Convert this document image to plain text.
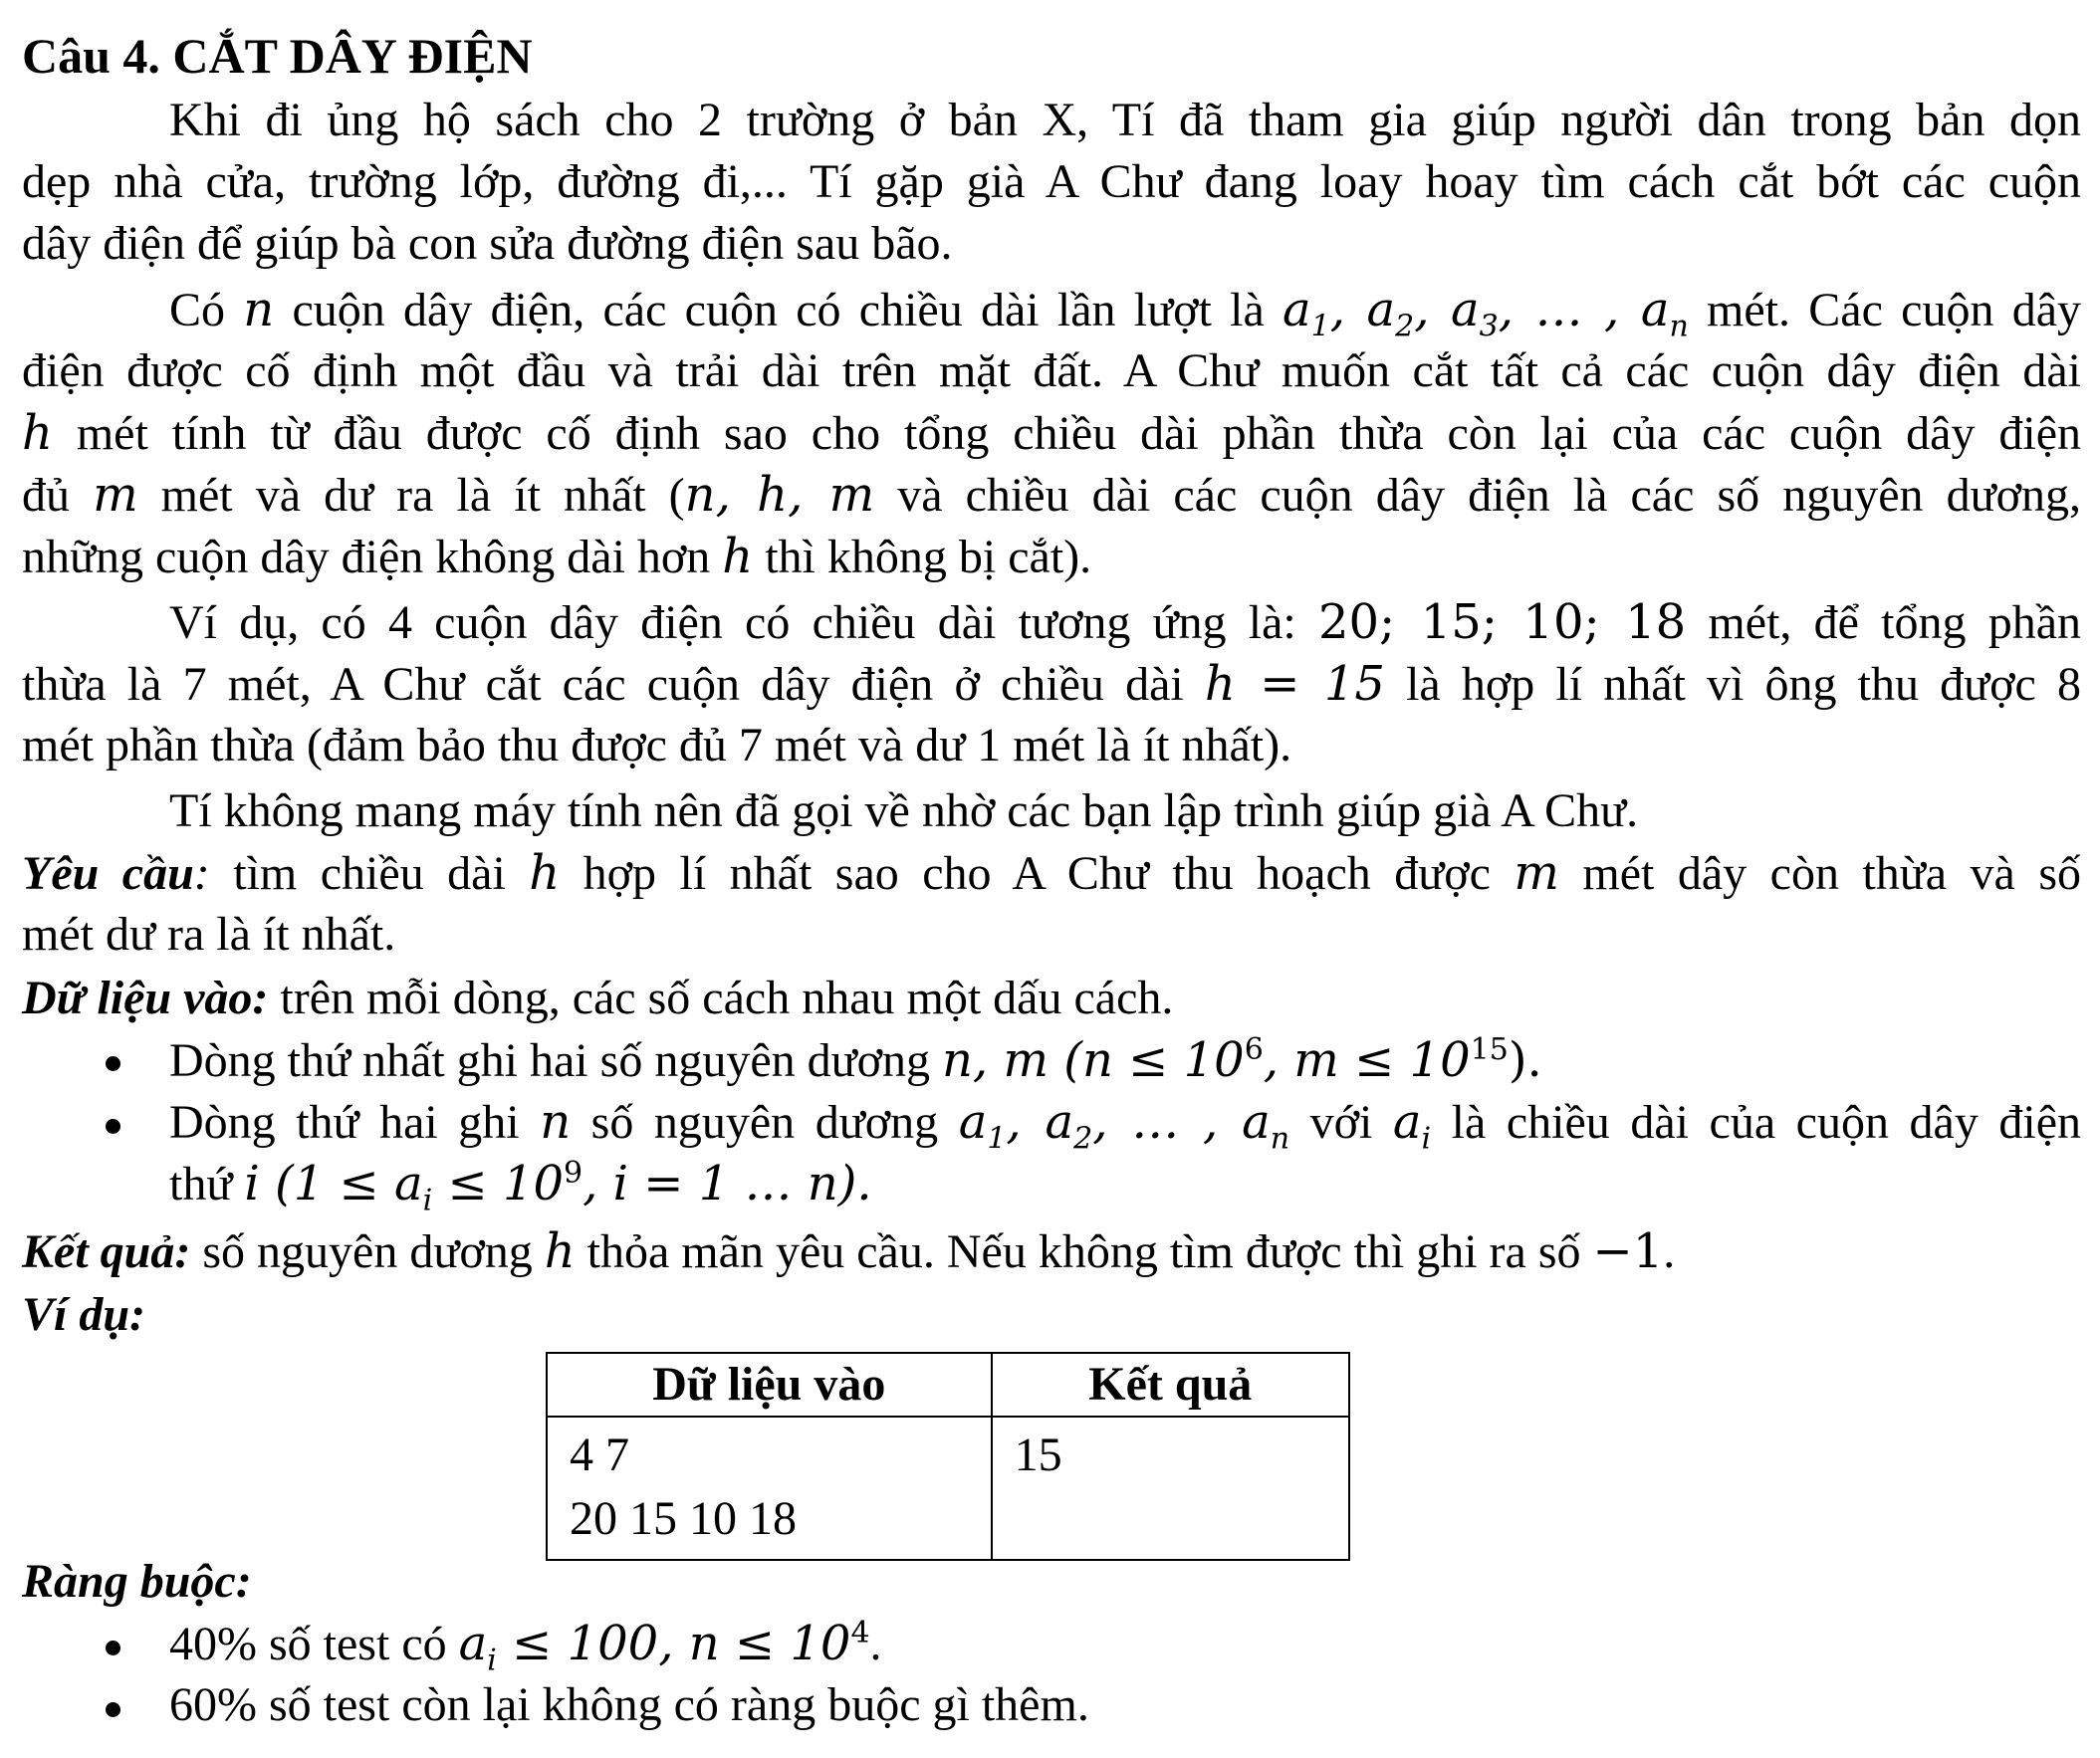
Câu 4. CẮT DÂY ĐIỆN
Khi đi ủng hộ sách cho 2 trường ở bản X, Tí đã tham gia giúp người dân trong bản dọn
dẹp nhà cửa, trường lớp, đường đi,... Tí gặp già A Chư đang loay hoay tìm cách cắt bớt các cuộn
dây điện để giúp bà con sửa đường điện sau bão.
Có n cuộn dây điện, các cuộn có chiều dài lần lượt là $a_1$, $a_2$, $a_3$, … , $a_n$ mét. Các cuộn dây
điện được cố định một đầu và trải dài trên mặt đất. A Chư muốn cắt tất cả các cuộn dây điện dài
h mét tính từ đầu được cố định sao cho tổng chiều dài phần thừa còn lại của các cuộn dây điện
đủ m mét và dư ra là ít nhất (n, h, m và chiều dài các cuộn dây điện là các số nguyên dương,
những cuộn dây điện không dài hơn h thì không bị cắt).
Ví dụ, có 4 cuộn dây điện có chiều dài tương ứng là: 20; 15; 10; 18 mét, để tổng phần
thừa là 7 mét, A Chư cắt các cuộn dây điện ở chiều dài h = 15 là hợp lí nhất vì ông thu được 8
mét phần thừa (đảm bảo thu được đủ 7 mét và dư 1 mét là ít nhất).
Tí không mang máy tính nên đã gọi về nhờ các bạn lập trình giúp già A Chư.
Yêu cầu: tìm chiều dài h hợp lí nhất sao cho A Chư thu hoạch được m mét dây còn thừa và số
mét dư ra là ít nhất.
Dữ liệu vào: trên mỗi dòng, các số cách nhau một dấu cách.
Dòng thứ nhất ghi hai số nguyên dương n, m ($n \le 10^6$, $m \le 10^{15}$).
Dòng thứ hai ghi n số nguyên dương $a_1$, $a_2$, … , $a_n$ với $a_i$ là chiều dài của cuộn dây điện
thứ i ($1 \le a_i \le 10^9$, i = 1 … n).
Kết quả: số nguyên dương h thỏa mãn yêu cầu. Nếu không tìm được thì ghi ra số −1.
Ví dụ:
Dữ liệu vào	Kết quả

4 7
20 15 10 18	15
Ràng buộc:
40% số test có $a_i \le 100$, $n \le 10^4$.
60% số test còn lại không có ràng buộc gì thêm.
